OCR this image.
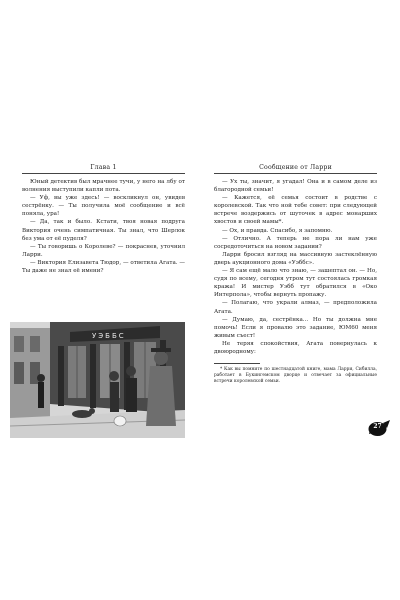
Глава 1

Юный детектив был мрачнее тучи, у него на лбу от волнения выступили капли пота.

— Уф, вы уже здесь! — воскликнул он, увидев сестрёнку. — Ты получила моё сообщение и всё поняла, ура!

— Да, так и было. Кстати, твоя новая подруга Виктория очень симпатичная. Ты знал, что Шерлок без ума от её пуделя?

— Ты говоришь о Королеве? — покраснев, уточнил Ларри.

— Виктория Елизавета Тюдор, — ответила Агата. — Ты даже не знал её имени?

УЭББС
Сообщение от Ларри

— Ух ты, значит, я угадал! Она и в самом деле из благородной семьи!

— Кажется, её семья состоит в родстве с королевской. Так что ной тебе совет: при следующей встрече воздержись от шуточек в адрес монарших хвостов и своей мамы*.

— Ох, и правда. Спасибо, я запомню.

— Отлично. А теперь не пора ли нам уже сосредоточиться на новом задании?

Ларри бросил взгляд на массивную застеклённую дверь аукционного дома «Уэббс».

— Я сам ещё мало что знаю, — зашептал он. — Но, судя по всему, сегодня утром тут состоялась громкая кража! И мистер Уэбб тут обратился в «Око Интерпола», чтобы вернуть пропажу.

— Полагаю, что украли алмаз, — предположила Агата.

— Думаю, да, сестрёнка... Но ты должна мне помочь! Если я провалю это задание, ЮМ60 меня живым съест!

Не теряя спокойствия, Агата повернулась к двоюродному:

* Как вы помните по шестнадцатой книге, мама Ларри, Сибилла, работает в Букингемском дворце и отвечает за официальные встречи королевской семьи.

27
